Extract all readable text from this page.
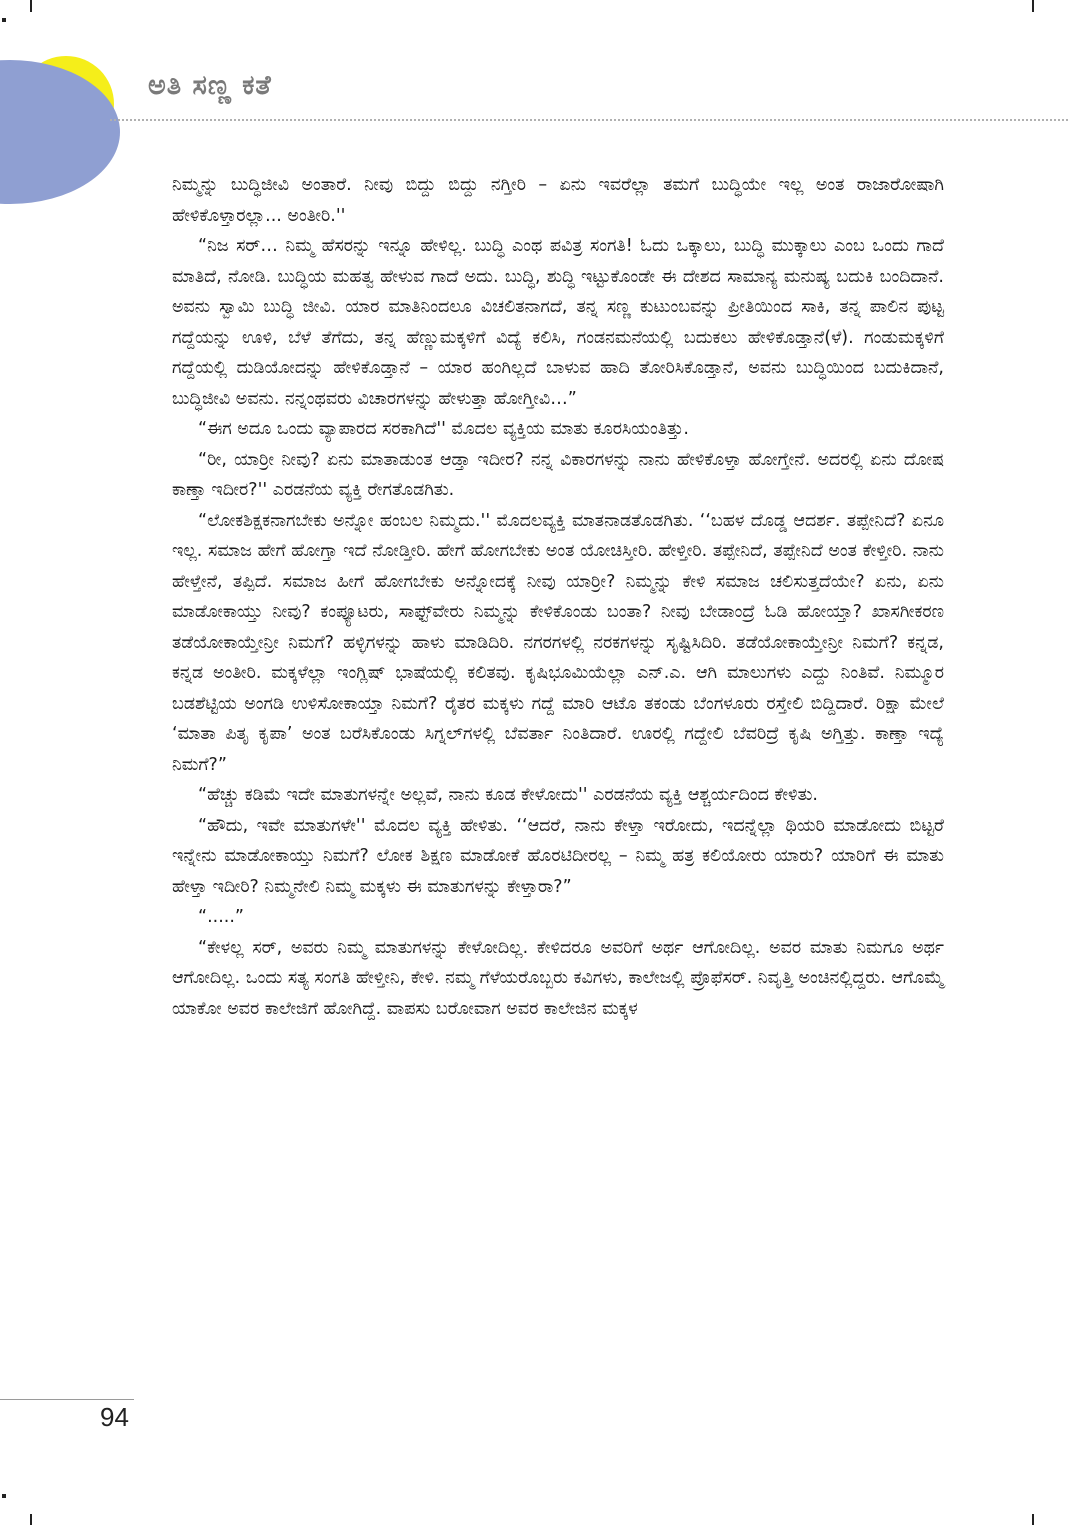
ಅತಿ ಸಣ್ಣ ಕತೆ

ನಿಮ್ಮನ್ನು ಬುದ್ಧಿಜೀವಿ ಅಂತಾರೆ. ನೀವು ಬಿದ್ದು ಬಿದ್ದು ನಗ್ತೀರಿ – ಏನು ಇವರೆಲ್ಲಾ ತಮಗೆ ಬುದ್ಧಿಯೇ ಇಲ್ಲ ಅಂತ ರಾಜಾರೋಷಾಗಿ ಹೇಳಿಕೊಳ್ತಾರಲ್ಲಾ... ಅಂತೀರಿ.''

“ನಿಜ ಸರ್… ನಿಮ್ಮ ಹೆಸರನ್ನು ಇನ್ನೂ ಹೇಳಿಲ್ಲ. ಬುದ್ಧಿ ಎಂಥ ಪವಿತ್ರ ಸಂಗತಿ! ಓದು ಒಕ್ಕಾಲು, ಬುದ್ಧಿ ಮುಕ್ಕಾಲು ಎಂಬ ಒಂದು ಗಾದೆ ಮಾತಿದೆ, ನೋಡಿ. ಬುದ್ಧಿಯ ಮಹತ್ವ ಹೇಳುವ ಗಾದೆ ಅದು. ಬುದ್ಧಿ, ಶುದ್ಧಿ ಇಟ್ಟುಕೊಂಡೇ ಈ ದೇಶದ ಸಾಮಾನ್ಯ ಮನುಷ್ಯ ಬದುಕಿ ಬಂದಿದಾನೆ. ಅವನು ಸ್ವಾಮಿ ಬುದ್ಧಿ ಜೀವಿ. ಯಾರ ಮಾತಿನಿಂದಲೂ ವಿಚಲಿತನಾಗದೆ, ತನ್ನ ಸಣ್ಣ ಕುಟುಂಬವನ್ನು ಪ್ರೀತಿಯಿಂದ ಸಾಕಿ, ತನ್ನ ಪಾಲಿನ ಪುಟ್ಟ ಗದ್ದೆಯನ್ನು ಊಳಿ, ಬೆಳೆ ತೆಗೆದು, ತನ್ನ ಹೆಣ್ಣುಮಕ್ಕಳಿಗೆ ವಿದ್ಯೆ ಕಲಿಸಿ, ಗಂಡನಮನೆಯಲ್ಲಿ ಬದುಕಲು ಹೇಳಿಕೊಡ್ತಾನೆ(ಳೆ). ಗಂಡುಮಕ್ಕಳಿಗೆ ಗದ್ದೆಯಲ್ಲಿ ದುಡಿಯೋದನ್ನು ಹೇಳಿಕೊಡ್ತಾನೆ – ಯಾರ ಹಂಗಿಲ್ಲದೆ ಬಾಳುವ ಹಾದಿ ತೋರಿಸಿಕೊಡ್ತಾನೆ, ಅವನು ಬುದ್ಧಿಯಿಂದ ಬದುಕಿದಾನೆ, ಬುದ್ಧಿಜೀವಿ ಅವನು. ನನ್ನಂಥವರು ವಿಚಾರಗಳನ್ನು ಹೇಳುತ್ತಾ ಹೋಗ್ತೀವಿ…”

“ಈಗ ಅದೂ ಒಂದು ವ್ಯಾಪಾರದ ಸರಕಾಗಿದೆ'' ಮೊದಲ ವ್ಯಕ್ತಿಯ ಮಾತು ಕೂರಸಿಯಂತಿತ್ತು.

“ರೀ, ಯಾರ್‍ರೀ ನೀವು? ಏನು ಮಾತಾಡುಂತ ಆಡ್ತಾ ಇದೀರ? ನನ್ನ ವಿಕಾರಗಳನ್ನು ನಾನು ಹೇಳಿಕೊಳ್ತಾ ಹೋಗ್ತೇನೆ. ಅದರಲ್ಲಿ ಏನು ದೋಷ ಕಾಣ್ತಾ ಇದೀರ?'' ಎರಡನೆಯ ವ್ಯಕ್ತಿ ರೇಗತೊಡಗಿತು.

“ಲೋಕಶಿಕ್ಷಕನಾಗಬೇಕು ಅನ್ನೋ ಹಂಬಲ ನಿಮ್ಮದು.'' ಮೊದಲವ್ಯಕ್ತಿ ಮಾತನಾಡತೊಡಗಿತು. ‘‘ಬಹಳ ದೊಡ್ಡ ಆದರ್ಶ. ತಪ್ಪೇನಿದೆ? ಏನೂ ಇಲ್ಲ. ಸಮಾಜ ಹೇಗೆ ಹೋಗ್ತಾ ಇದೆ ನೋಡ್ತೀರಿ. ಹೇಗೆ ಹೋಗಬೇಕು ಅಂತ ಯೋಚಿಸ್ತೀರಿ. ಹೇಳ್ತೀರಿ. ತಪ್ಪೇನಿದೆ, ತಪ್ಪೇನಿದೆ ಅಂತ ಕೇಳ್ತೀರಿ. ನಾನು ಹೇಳ್ತೇನೆ, ತಪ್ಪಿದೆ. ಸಮಾಜ ಹೀಗೆ ಹೋಗಬೇಕು ಅನ್ನೋದಕ್ಕೆ ನೀವು ಯಾರ್‍ರೀ? ನಿಮ್ಮನ್ನು ಕೇಳಿ ಸಮಾಜ ಚಲಿಸುತ್ತದೆಯೇ? ಏನು, ಏನು ಮಾಡೋಕಾಯ್ತು ನೀವು? ಕಂಪ್ಯೂಟರು, ಸಾಫ್ಟ್‌ವೇರು ನಿಮ್ಮನ್ನು ಕೇಳಿಕೊಂಡು ಬಂತಾ? ನೀವು ಬೇಡಾಂದ್ರೆ ಓಡಿ ಹೋಯ್ತಾ? ಖಾಸಗೀಕರಣ ತಡೆಯೋಕಾಯ್ತೇನ್ರೀ ನಿಮಗೆ? ಹಳ್ಳಿಗಳನ್ನು ಹಾಳು ಮಾಡಿದಿರಿ. ನಗರಗಳಲ್ಲಿ ನರಕಗಳನ್ನು ಸೃಷ್ಟಿಸಿದಿರಿ. ತಡೆಯೋಕಾಯ್ತೇನ್ರೀ ನಿಮಗೆ? ಕನ್ನಡ, ಕನ್ನಡ ಅಂತೀರಿ. ಮಕ್ಕಳೆಲ್ಲಾ ಇಂಗ್ಲಿಷ್ ಭಾಷೆಯಲ್ಲಿ ಕಲಿತವು. ಕೃಷಿಭೂಮಿಯೆಲ್ಲಾ ಎನ್.ಎ. ಆಗಿ ಮಾಲುಗಳು ಎದ್ದು ನಿಂತಿವೆ. ನಿಮ್ಮೂರ ಬಡಶೆಟ್ಟಿಯ ಅಂಗಡಿ ಉಳಿಸೋಕಾಯ್ತಾ ನಿಮಗೆ? ರೈತರ ಮಕ್ಕಳು ಗದ್ದೆ ಮಾರಿ ಆಟೊ ತಕಂಡು ಬೆಂಗಳೂರು ರಸ್ತೇಲಿ ಬಿದ್ದಿದಾರೆ. ರಿಕ್ಷಾ ಮೇಲೆ ‘ಮಾತಾ ಪಿತೃ ಕೃಪಾ’ ಅಂತ ಬರೆಸಿಕೊಂಡು ಸಿಗ್ನಲ್‌ಗಳಲ್ಲಿ ಬೆವರ್ತಾ ನಿಂತಿದಾರೆ. ಊರಲ್ಲಿ ಗದ್ದೇಲಿ ಬೆವರಿದ್ರೆ ಕೃಷಿ ಅಗ್ತಿತ್ತು. ಕಾಣ್ತಾ ಇದ್ಯೆ ನಿಮಗೆ?”

“ಹೆಚ್ಚು ಕಡಿಮೆ ಇದೇ ಮಾತುಗಳನ್ನೇ ಅಲ್ಲವೆ, ನಾನು ಕೂಡ ಕೇಳೋದು'' ಎರಡನೆಯ ವ್ಯಕ್ತಿ ಆಶ್ಚರ್ಯದಿಂದ ಕೇಳಿತು.

“ಹೌದು, ಇವೇ ಮಾತುಗಳೇ'' ಮೊದಲ ವ್ಯಕ್ತಿ ಹೇಳಿತು. ‘‘ಆದರೆ, ನಾನು ಕೇಳ್ತಾ ಇರೋದು, ಇದನ್ನೆಲ್ಲಾ ಥಿಯರಿ ಮಾಡೋದು ಬಿಟ್ಟರೆ ಇನ್ನೇನು ಮಾಡೋಕಾಯ್ತು ನಿಮಗೆ? ಲೋಕ ಶಿಕ್ಷಣ ಮಾಡೋಕೆ ಹೊರಟಿದೀರಲ್ಲ – ನಿಮ್ಮ ಹತ್ರ ಕಲಿಯೋರು ಯಾರು? ಯಾರಿಗೆ ಈ ಮಾತು ಹೇಳ್ತಾ ಇದೀರಿ? ನಿಮ್ಮನೇಲಿ ನಿಮ್ಮ ಮಕ್ಕಳು ಈ ಮಾತುಗಳನ್ನು ಕೇಳ್ತಾರಾ?”

“.....”

“ಕೇಳಲ್ಲ ಸರ್, ಅವರು ನಿಮ್ಮ ಮಾತುಗಳನ್ನು ಕೇಳೋದಿಲ್ಲ. ಕೇಳಿದರೂ ಅವರಿಗೆ ಅರ್ಥ ಆಗೋದಿಲ್ಲ. ಅವರ ಮಾತು ನಿಮಗೂ ಅರ್ಥ ಆಗೋದಿಲ್ಲ. ಒಂದು ಸತ್ಯ ಸಂಗತಿ ಹೇಳ್ತೀನಿ, ಕೇಳಿ. ನಮ್ಮ ಗೆಳೆಯರೊಬ್ಬರು ಕವಿಗಳು, ಕಾಲೇಜಲ್ಲಿ ಪ್ರೊಫೆಸರ್. ನಿವೃತ್ತಿ ಅಂಚಿನಲ್ಲಿದ್ದರು. ಆಗೊಮ್ಮೆ ಯಾಕೋ ಅವರ ಕಾಲೇಜಿಗೆ ಹೋಗಿದ್ದೆ. ವಾಪಸು ಬರೋವಾಗ ಅವರ ಕಾಲೇಜಿನ ಮಕ್ಕಳ

94
